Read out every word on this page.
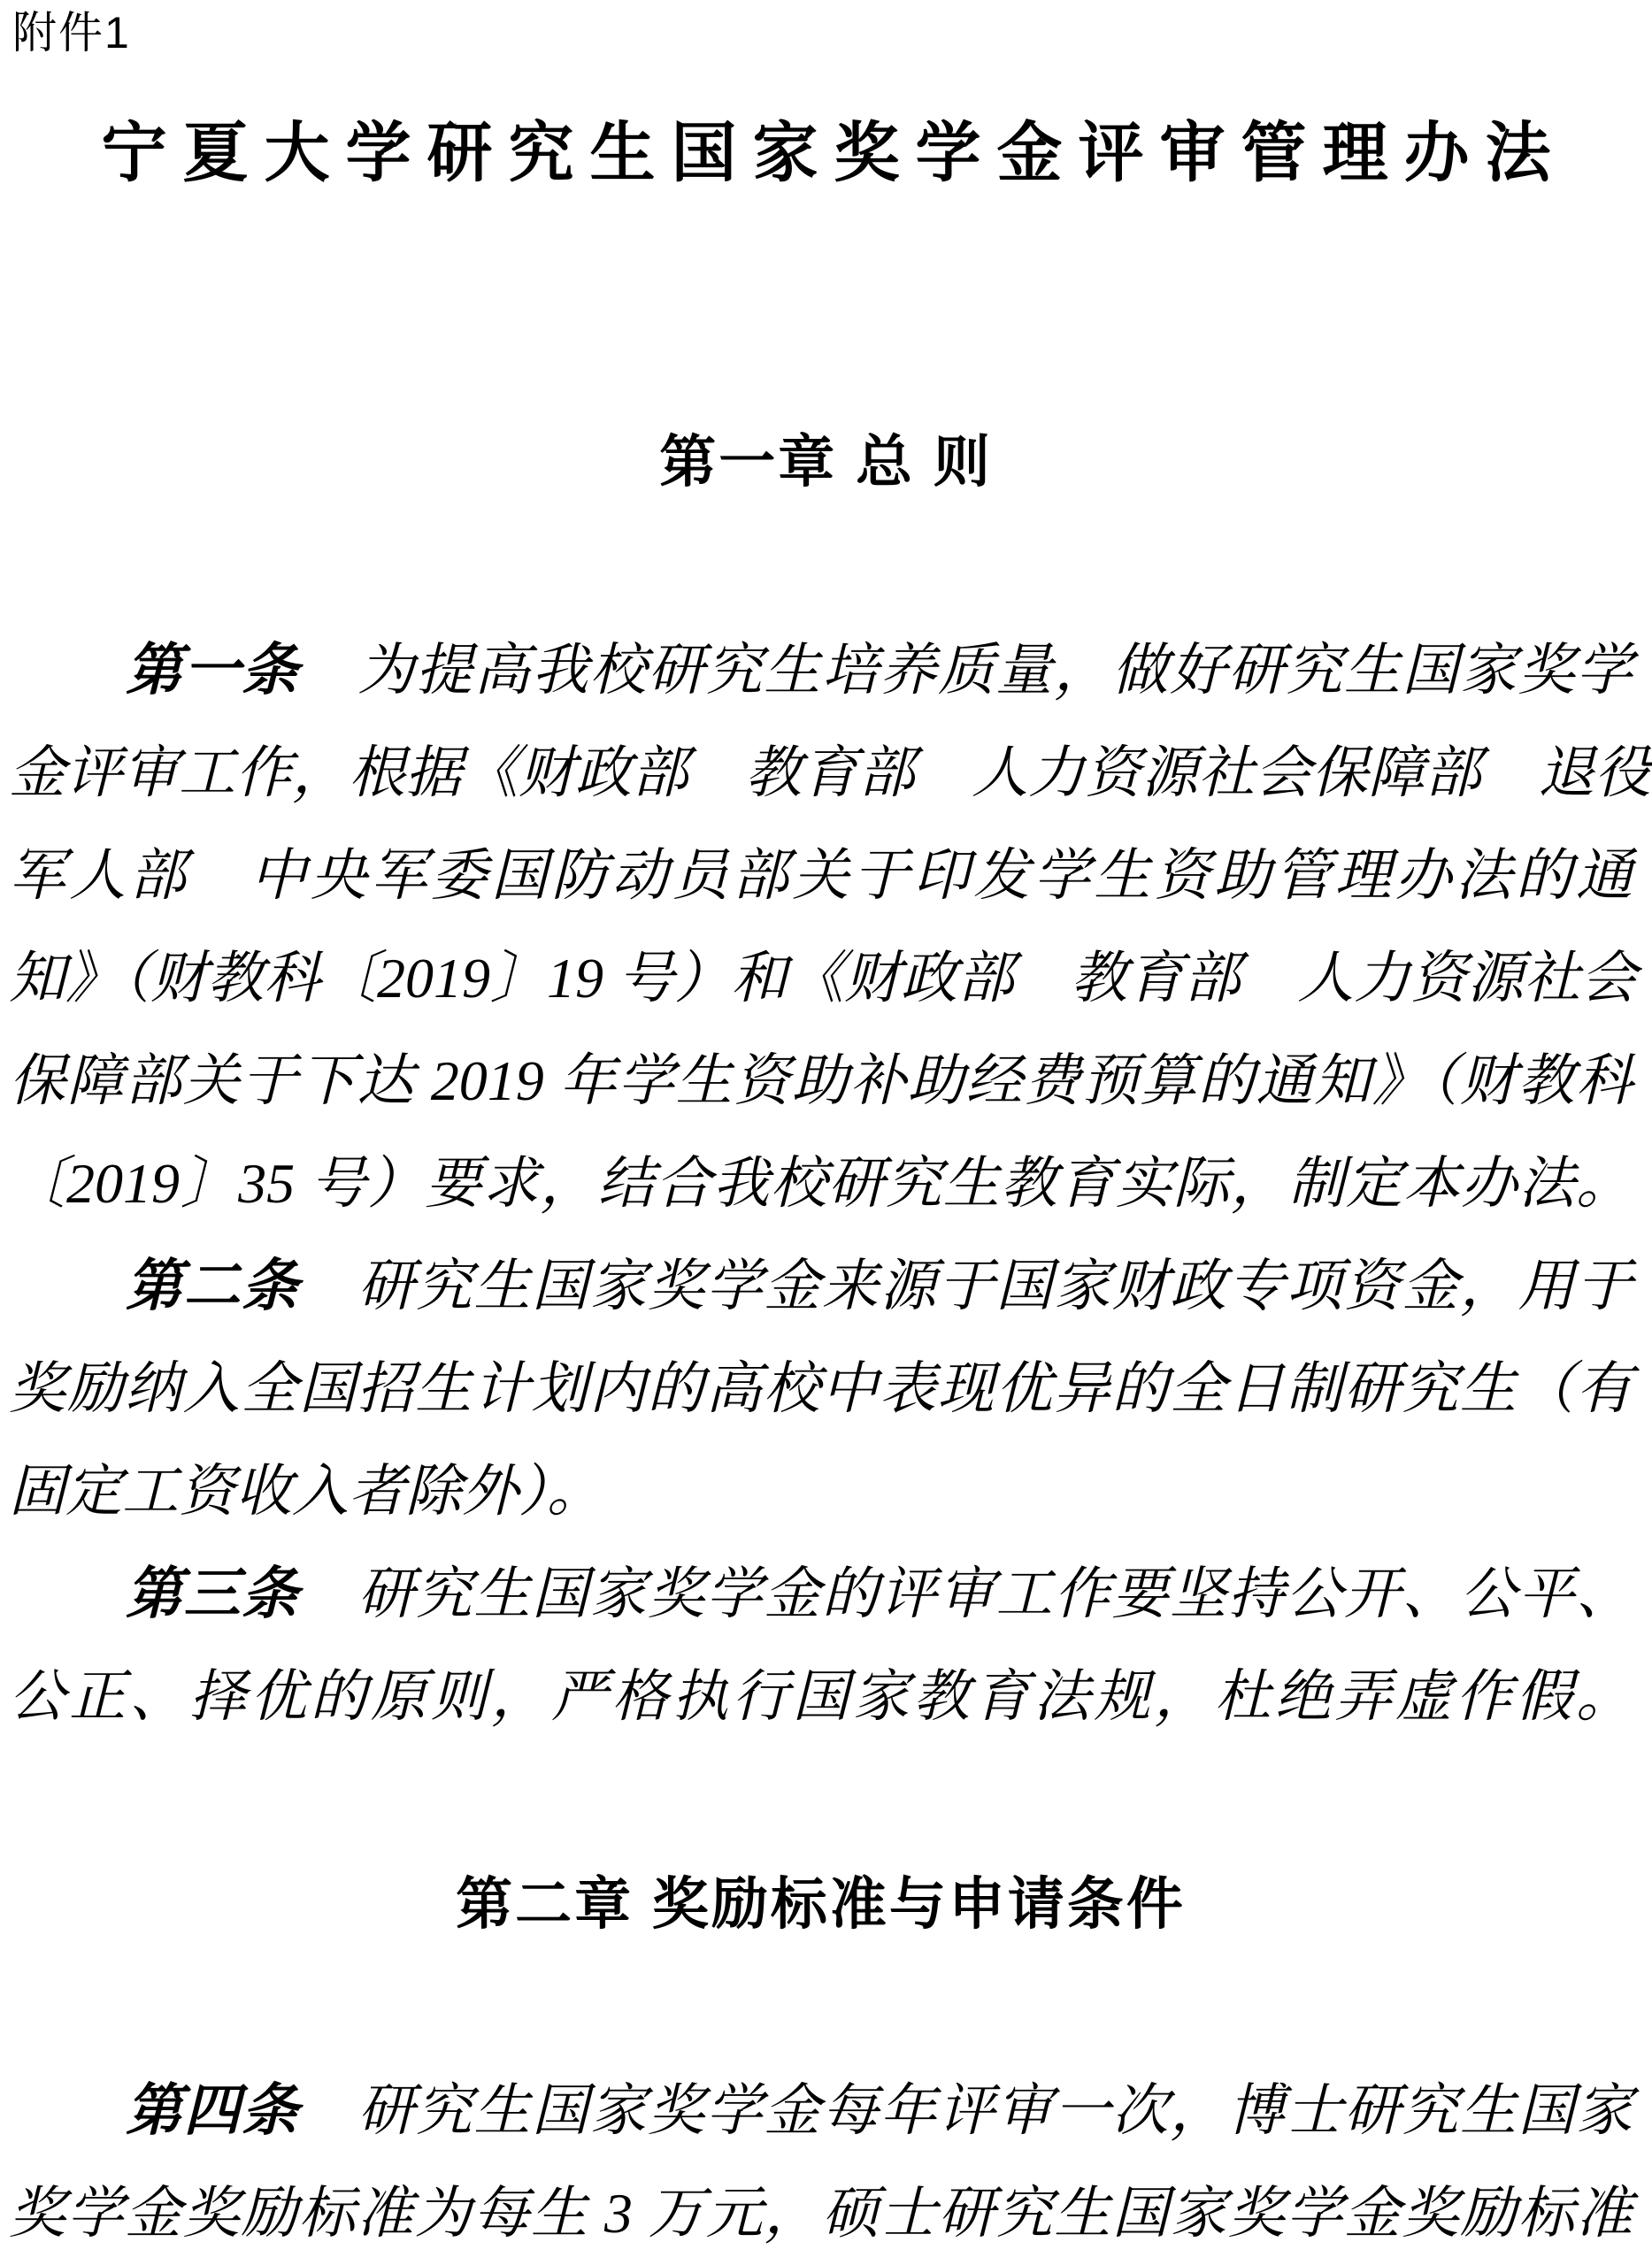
附件1
宁夏大学研究生国家奖学金评审管理办法
第一章 总 则
第一条　为提高我校研究生培养质量，做好研究生国家奖学
金评审工作，根据《财政部　教育部　人力资源社会保障部　退役
军人部　中央军委国防动员部关于印发学生资助管理办法的通
知》（财教科〔2019〕19 号）和《财政部　教育部　人力资源社会
保障部关于下达 2019 年学生资助补助经费预算的通知》（财教科
〔2019〕35 号）要求，结合我校研究生教育实际，制定本办法。
第二条　研究生国家奖学金来源于国家财政专项资金，用于
奖励纳入全国招生计划内的高校中表现优异的全日制研究生（有
固定工资收入者除外）。
第三条　研究生国家奖学金的评审工作要坚持公开、公平、
公正、择优的原则，严格执行国家教育法规，杜绝弄虚作假。
第二章 奖励标准与申请条件
第四条　研究生国家奖学金每年评审一次，博士研究生国家
奖学金奖励标准为每生 3 万元，硕士研究生国家奖学金奖励标准
